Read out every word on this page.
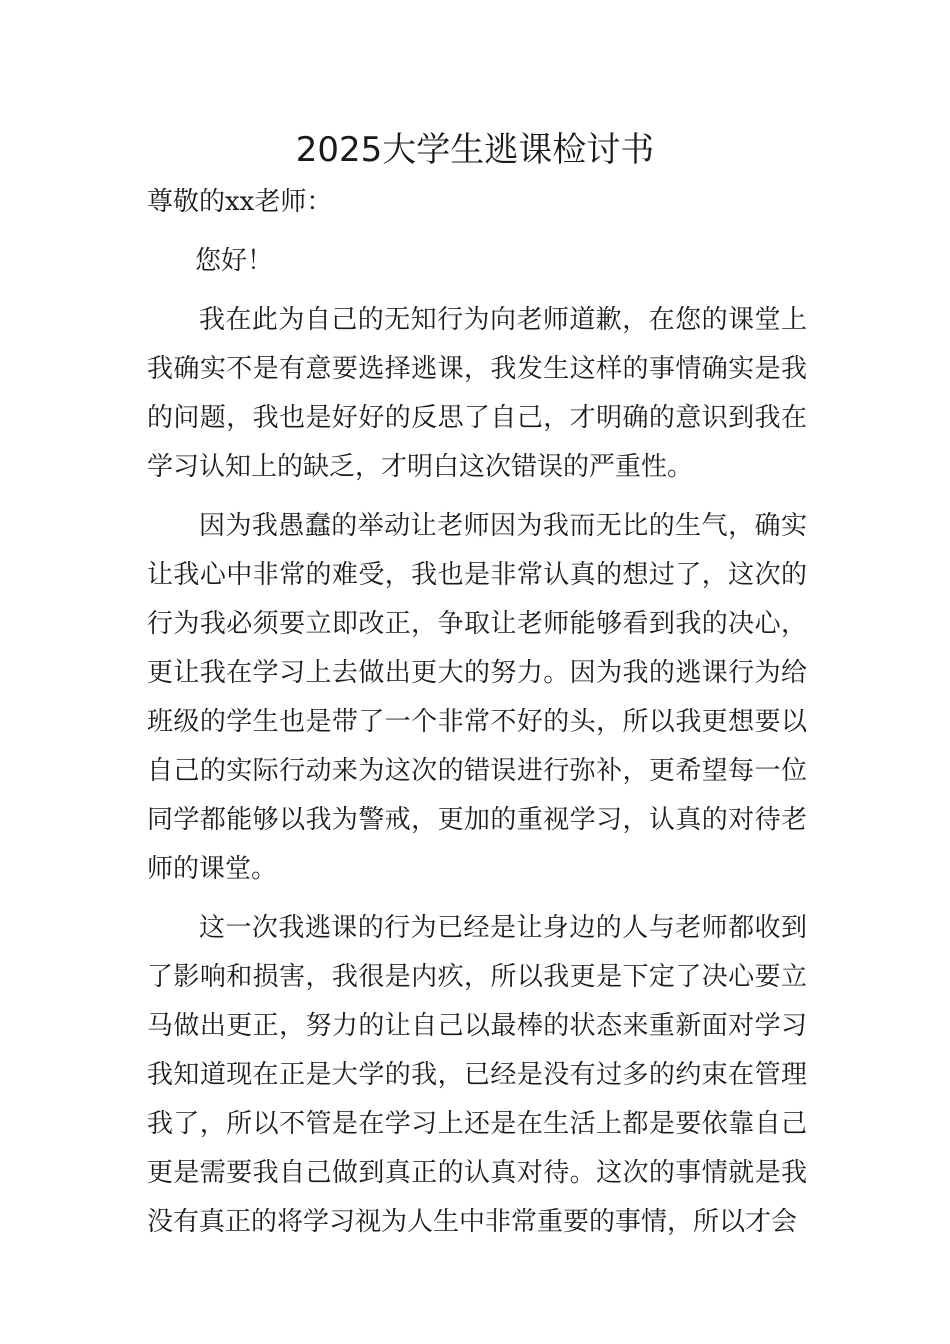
2025大学生逃课检讨书

尊敬的xx老师：

您好！

我在此为自己的无知行为向老师道歉，在您的课堂上我确实不是有意要选择逃课，我发生这样的事情确实是我的问题，我也是好好的反思了自己，才明确的意识到我在学习认知上的缺乏，才明白这次错误的严重性。

因为我愚蠢的举动让老师因为我而无比的生气，确实让我心中非常的难受，我也是非常认真的想过了，这次的行为我必须要立即改正，争取让老师能够看到我的决心，更让我在学习上去做出更大的努力。因为我的逃课行为给班级的学生也是带了一个非常不好的头，所以我更想要以自己的实际行动来为这次的错误进行弥补，更希望每一位同学都能够以我为警戒，更加的重视学习，认真的对待老师的课堂。

这一次我逃课的行为已经是让身边的人与老师都收到了影响和损害，我很是内疚，所以我更是下定了决心要立马做出更正，努力的让自己以最棒的状态来重新面对学习我知道现在正是大学的我，已经是没有过多的约束在管理我了，所以不管是在学习上还是在生活上都是要依靠自己更是需要我自己做到真正的认真对待。这次的事情就是我没有真正的将学习视为人生中非常重要的事情，所以才会
